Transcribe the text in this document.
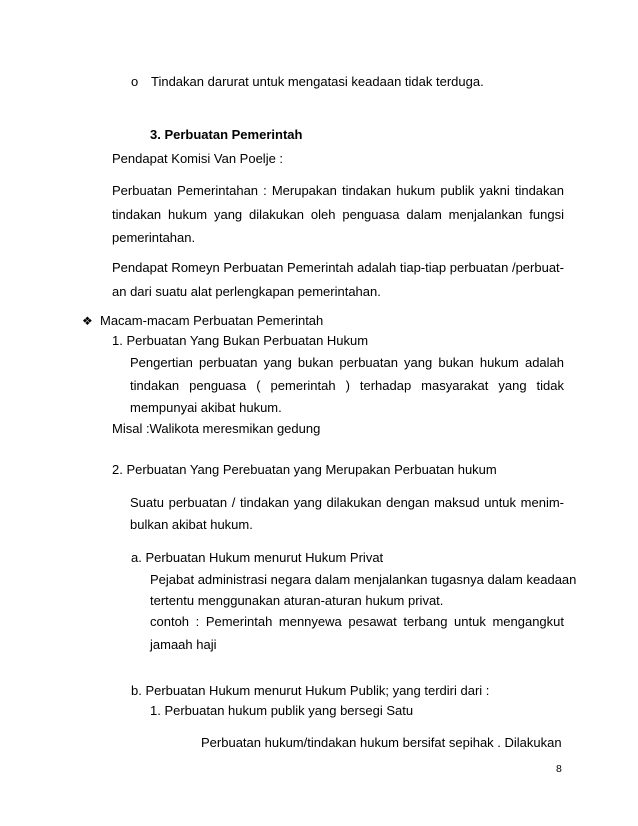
o Tindakan darurat untuk mengatasi keadaan tidak terduga.
3. Perbuatan Pemerintah
Pendapat Komisi Van Poelje :
Perbuatan Pemerintahan : Merupakan tindakan hukum publik yakni tindakan
tindakan hukum yang dilakukan oleh penguasa dalam menjalankan fungsi
pemerintahan.
Pendapat Romeyn Perbuatan Pemerintah adalah tiap-tiap perbuatan /perbuat-
an dari suatu alat perlengkapan pemerintahan.
❖ Macam-macam Perbuatan Pemerintah
1. Perbuatan Yang Bukan Perbuatan Hukum
Pengertian perbuatan yang bukan perbuatan yang bukan hukum adalah
tindakan penguasa ( pemerintah ) terhadap masyarakat yang tidak
mempunyai akibat hukum.
Misal :Walikota meresmikan gedung
2. Perbuatan Yang Perebuatan yang Merupakan Perbuatan hukum
Suatu perbuatan / tindakan yang dilakukan dengan maksud untuk menim-
bulkan akibat hukum.
a. Perbuatan Hukum menurut Hukum Privat
Pejabat administrasi negara dalam menjalankan tugasnya dalam keadaan
tertentu menggunakan aturan-aturan hukum privat.
contoh : Pemerintah mennyewa pesawat terbang untuk mengangkut
jamaah haji
b. Perbuatan Hukum menurut Hukum Publik; yang terdiri dari :
1. Perbuatan hukum publik yang bersegi Satu
Perbuatan hukum/tindakan hukum bersifat sepihak . Dilakukan
8
